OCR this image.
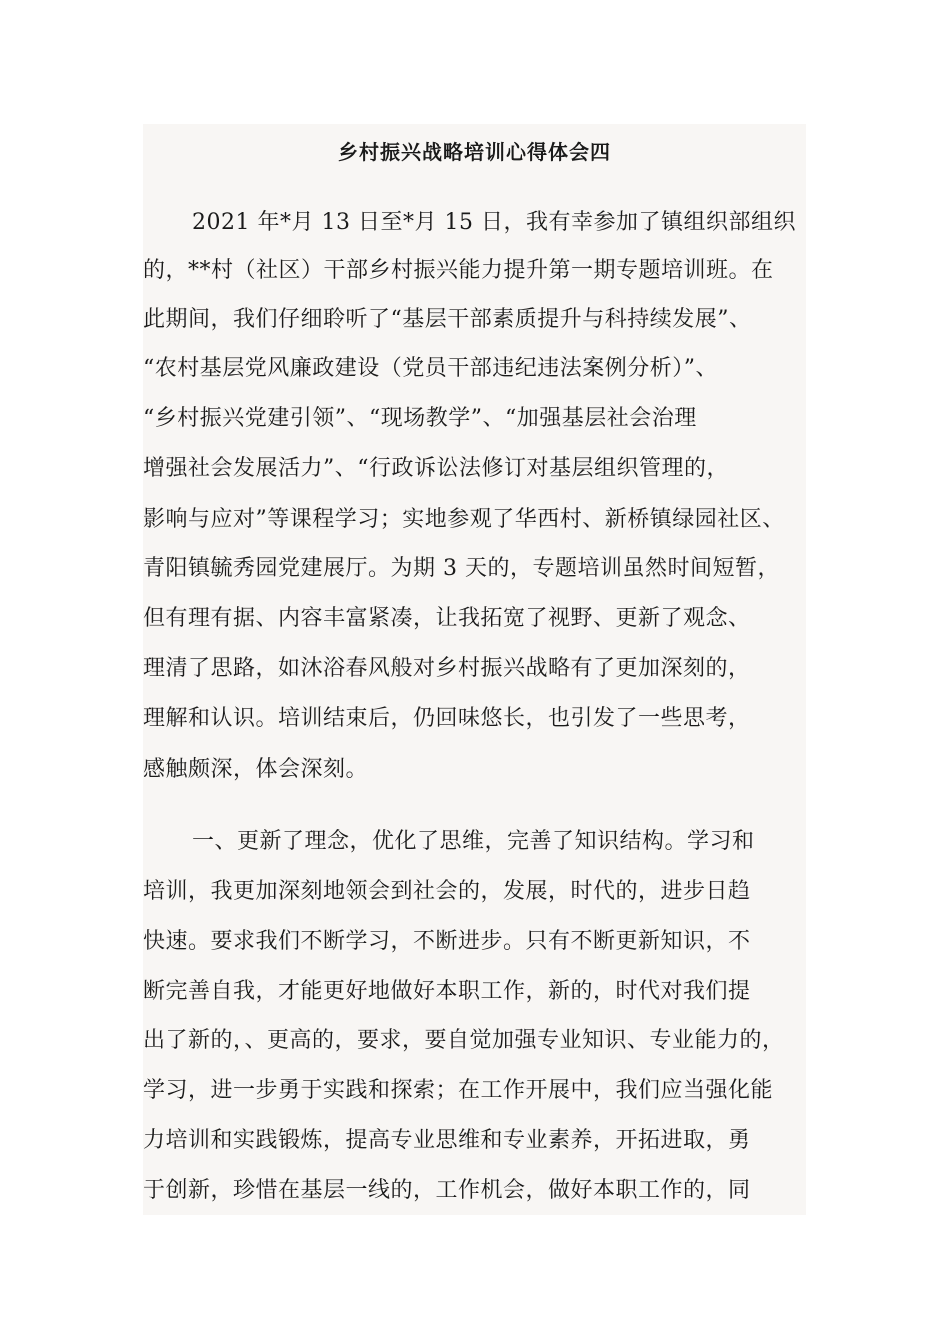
乡村振兴战略培训心得体会四
2021 年*月 13 日至*月 15 日，我有幸参加了镇组织部组织
的，**村（社区）干部乡村振兴能力提升第一期专题培训班。在
此期间，我们仔细聆听了“基层干部素质提升与科持续发展”、
“农村基层党风廉政建设（党员干部违纪违法案例分析）”、
“乡村振兴党建引领”、“现场教学”、“加强基层社会治理
增强社会发展活力”、“行政诉讼法修订对基层组织管理的，
影响与应对”等课程学习；实地参观了华西村、新桥镇绿园社区、
青阳镇毓秀园党建展厅。为期 3 天的，专题培训虽然时间短暂，
但有理有据、内容丰富紧凑，让我拓宽了视野、更新了观念、
理清了思路，如沐浴春风般对乡村振兴战略有了更加深刻的，
理解和认识。培训结束后，仍回味悠长，也引发了一些思考，
感触颇深，体会深刻。
一、更新了理念，优化了思维，完善了知识结构。学习和
培训，我更加深刻地领会到社会的，发展，时代的，进步日趋
快速。要求我们不断学习，不断进步。只有不断更新知识，不
断完善自我，才能更好地做好本职工作，新的，时代对我们提
出了新的，、更高的，要求，要自觉加强专业知识、专业能力的，
学习，进一步勇于实践和探索；在工作开展中，我们应当强化能
力培训和实践锻炼，提高专业思维和专业素养，开拓进取，勇
于创新，珍惜在基层一线的，工作机会，做好本职工作的，同
